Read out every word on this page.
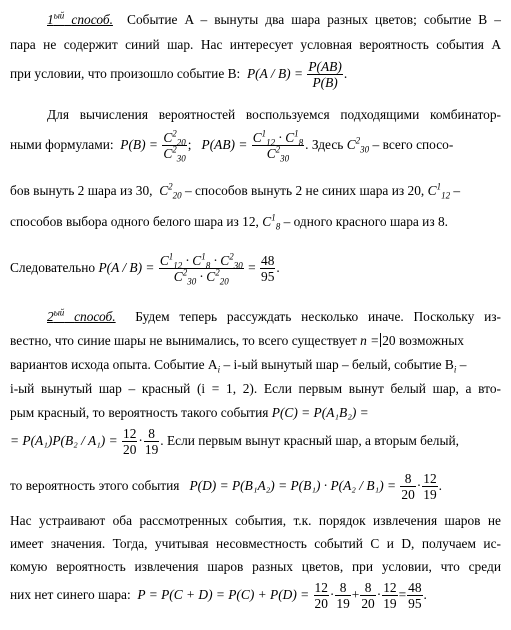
$1^{ый}$ способ. Событие A – вынуты два шара разных цветов; событие B –
пара не содержит синий шар. Нас интересует условная вероятность события A
при условии, что произошло событие B: $P(A / B) = \frac{P(AB)}{P(B)}$ .
Для вычисления вероятностей воспользуемся подходящими комбинатор-
ными формулами: $P(B) = \frac{C^2_{20}}{C^2_{30}}$ ;   $P(AB) = \frac{C^1_{12} \cdot C^1_8}{C^2_{30}}$ . Здесь $C^2_{30}$ – всего спосо-
бов вынуть 2 шара из 30, $C^2_{20}$ – способов вынуть 2 не синих шара из 20, $C^1_{12}$ –
способов выбора одного белого шара из 12, $C^1_8$ – одного красного шара из 8.
Следовательно $P(A / B) = \frac{C^1_{12} \cdot C^1_8 \cdot C^2_{30}}{C^2_{30} \cdot C^2_{20}} = \frac{48}{95}$ .
$2^{ый}$ способ. Будем теперь рассуждать несколько иначе. Поскольку из-
вестно, что синие шары не вынимались, то всего существует n = 20 возможных
вариантов исхода опыта. Событие $A_i - i-ый$ вынутый шар – белый, событие $B_i$ –
i-ый вынутый шар – красный (i = 1, 2). Если первым вынут белый шар, а вто-
рым красный, то вероятность такого события P(C) = P(A₁B₂) =
= $P(A_1)P(B_2 / A_1) = \frac{12}{20} \cdot \frac{8}{19}$ . Если первым вынут красный шар, а вторым белый,
то вероятность этого события $P(D) = P(B_1A_2) = P(B_1) \cdot P(A_2 / B_1) = \frac{8}{20} \cdot \frac{12}{19}$ .
Нас устраивают оба рассмотренных события, т.к. порядок извлечения шаров не
имеет значения. Тогда, учитывая несовместность событий C и D, получаем ис-
комую вероятность извлечения шаров разных цветов, при условии, что среди
них нет синего шара: $P = P(C + D) = P(C) + P(D) = \frac{12}{20} \cdot \frac{8}{19} + \frac{8}{20} \cdot \frac{12}{19} = \frac{48}{95}$ .
